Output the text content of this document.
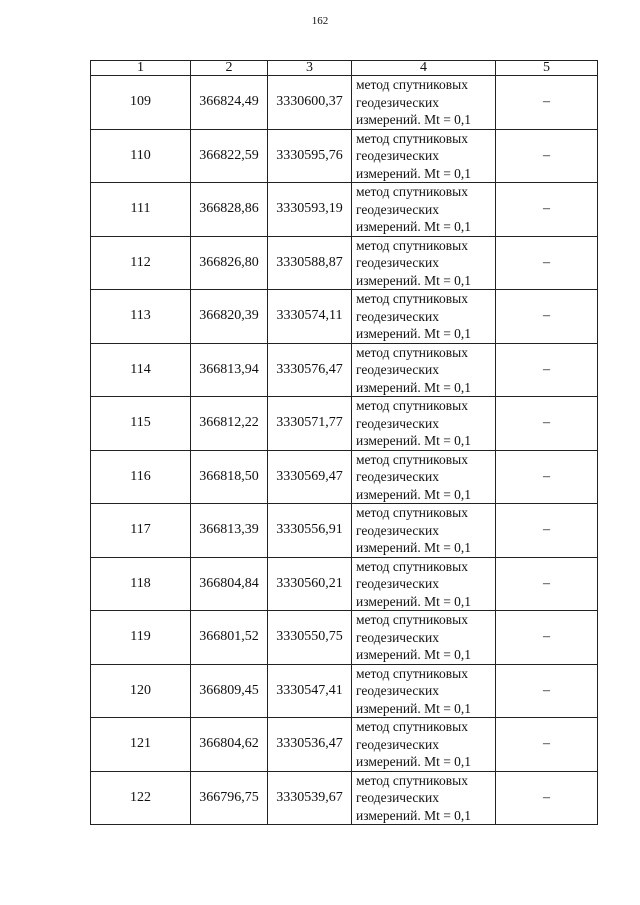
162
1	2	3	4	5
109	366824,49	3330600,37	метод спутниковых
геодезических
измерений. Mt = 0,1	–
110	366822,59	3330595,76	метод спутниковых
геодезических
измерений. Mt = 0,1	–
111	366828,86	3330593,19	метод спутниковых
геодезических
измерений. Mt = 0,1	–
112	366826,80	3330588,87	метод спутниковых
геодезических
измерений. Mt = 0,1	–
113	366820,39	3330574,11	метод спутниковых
геодезических
измерений. Mt = 0,1	–
114	366813,94	3330576,47	метод спутниковых
геодезических
измерений. Mt = 0,1	–
115	366812,22	3330571,77	метод спутниковых
геодезических
измерений. Mt = 0,1	–
116	366818,50	3330569,47	метод спутниковых
геодезических
измерений. Mt = 0,1	–
117	366813,39	3330556,91	метод спутниковых
геодезических
измерений. Mt = 0,1	–
118	366804,84	3330560,21	метод спутниковых
геодезических
измерений. Mt = 0,1	–
119	366801,52	3330550,75	метод спутниковых
геодезических
измерений. Mt = 0,1	–
120	366809,45	3330547,41	метод спутниковых
геодезических
измерений. Mt = 0,1	–
121	366804,62	3330536,47	метод спутниковых
геодезических
измерений. Mt = 0,1	–
122	366796,75	3330539,67	метод спутниковых
геодезических
измерений. Mt = 0,1	–
